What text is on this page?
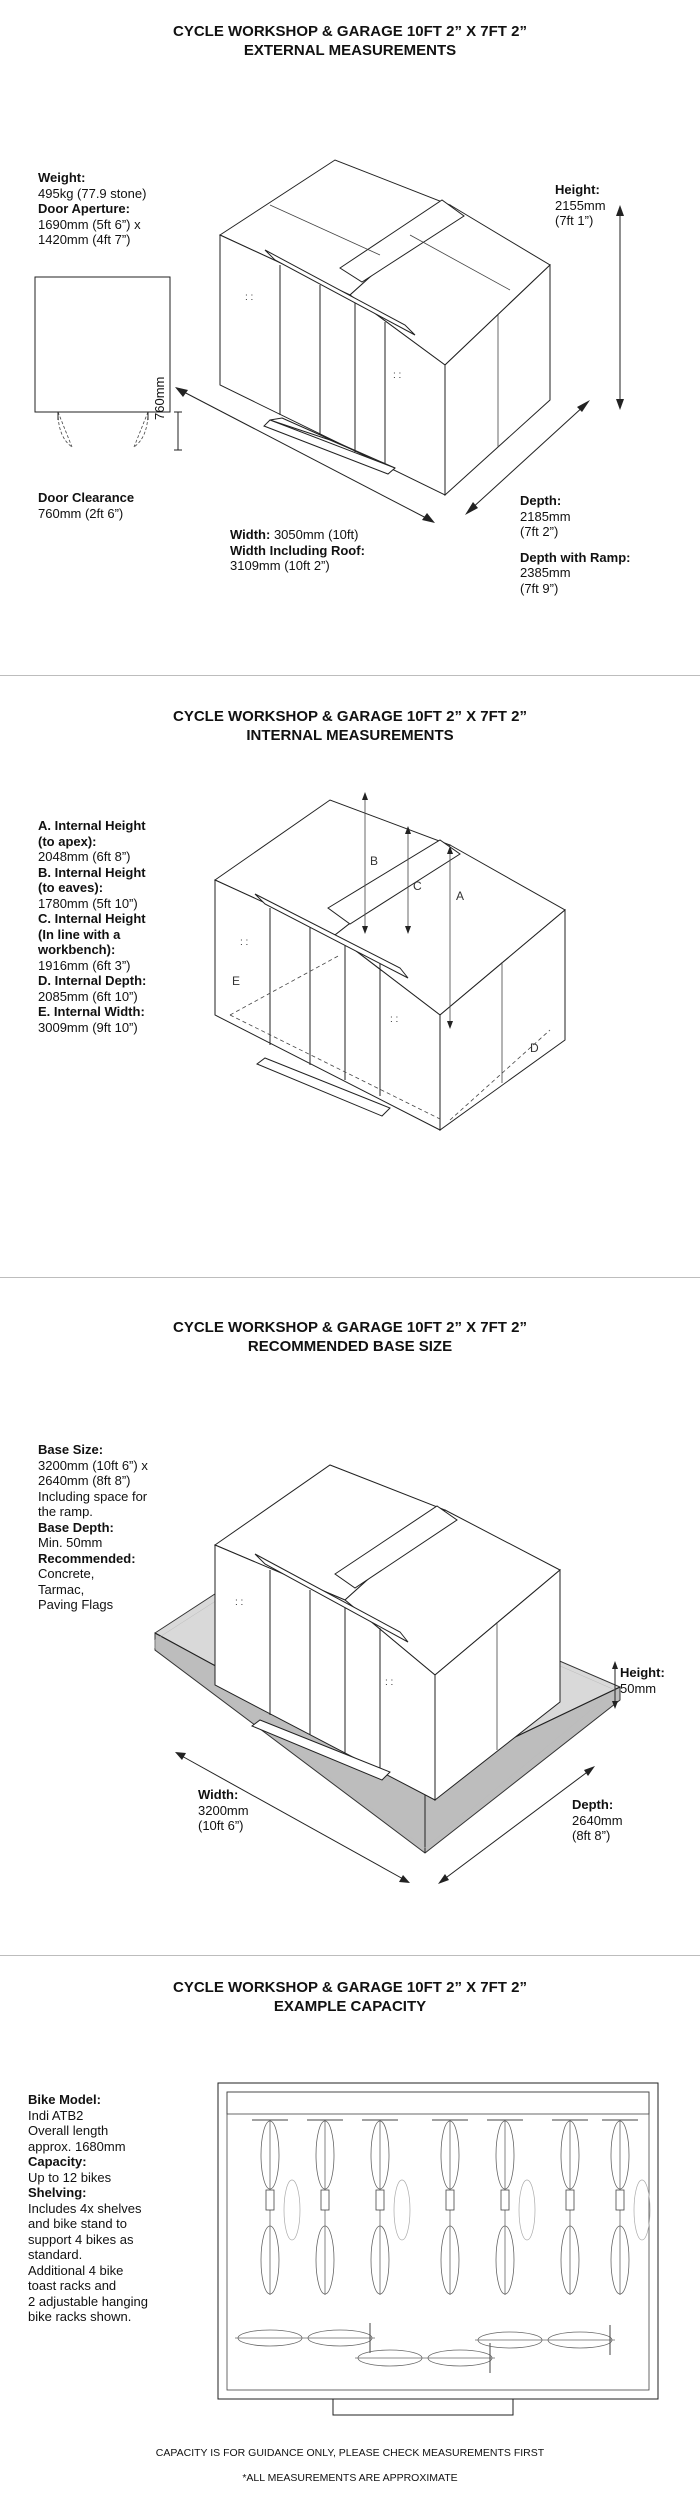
CYCLE WORKSHOP & GARAGE 10FT 2” X 7FT 2”
EXTERNAL MEASUREMENTS
Weight:
495kg (77.9 stone)
Door Aperture:
1690mm (5ft 6”) x
1420mm (4ft 7”)
760mm
Door Clearance
760mm (2ft 6”)
: :
: :
Height:
2155mm
(7ft 1”)
Depth:
2185mm
(7ft 2”)

Depth with Ramp:
2385mm
(7ft 9”)
Width: 3050mm (10ft)
Width Including Roof:
3109mm (10ft 2”)
CYCLE WORKSHOP & GARAGE 10FT 2” X 7FT 2”
INTERNAL MEASUREMENTS
A. Internal Height
(to apex):
2048mm (6ft 8”)
B. Internal Height
(to eaves):
1780mm (5ft 10”)
C. Internal Height
(In line with a
workbench):
1916mm (6ft 3”)
D. Internal Depth:
2085mm (6ft 10”)
E. Internal Width:
3009mm (9ft 10”)
: :
: :
B
C
A
E
D
CYCLE WORKSHOP & GARAGE 10FT 2” X 7FT 2”
RECOMMENDED BASE SIZE
Base Size:
3200mm (10ft 6”) x
2640mm (8ft 8”)
Including space for
the ramp.
Base Depth:
Min. 50mm
Recommended:
Concrete,
Tarmac,
Paving Flags	: :
: :
Height:
50mm
Width:
3200mm
(10ft 6”)
Depth:
2640mm
(8ft 8”)
CYCLE WORKSHOP & GARAGE 10FT 2” X 7FT 2”
EXAMPLE CAPACITY
Bike Model:
Indi ATB2
Overall length
approx. 1680mm
Capacity:
Up to 12 bikes
Shelving:
Includes 4x shelves
and bike stand to
support 4 bikes as
standard.
Additional 4 bike
toast racks and
2 adjustable hanging
bike racks shown.
CAPACITY IS FOR GUIDANCE ONLY, PLEASE CHECK MEASUREMENTS FIRST
*ALL MEASUREMENTS ARE APPROXIMATE
